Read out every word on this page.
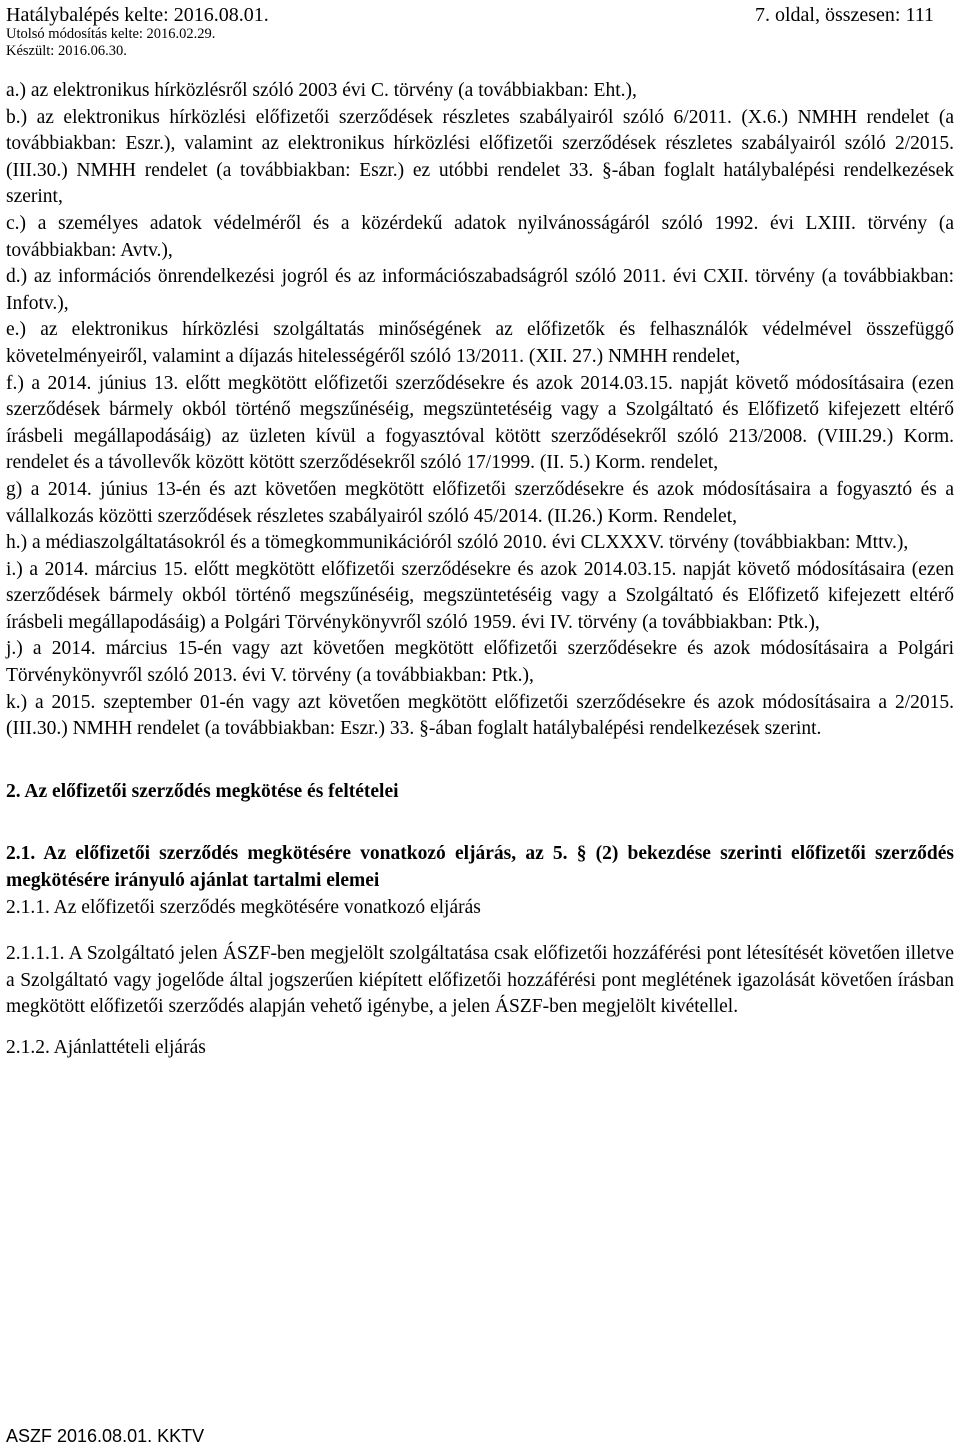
Hatálybalépés kelte: 2016.08.01.	7. oldal, összesen: 111
Utolsó módosítás kelte: 2016.02.29.
Készült: 2016.06.30.

a.) az elektronikus hírközlésről szóló 2003 évi C. törvény (a továbbiakban: Eht.),

b.) az elektronikus hírközlési előfizetői szerződések részletes szabályairól szóló 6/2011. (X.6.) NMHH rendelet (a továbbiakban: Eszr.), valamint az elektronikus hírközlési előfizetői szerződések részletes szabályairól szóló 2/2015. (III.30.) NMHH rendelet (a továbbiakban: Eszr.) ez utóbbi rendelet 33. §-ában foglalt hatálybalépési rendelkezések szerint,

c.) a személyes adatok védelméről és a közérdekű adatok nyilvánosságáról szóló 1992. évi LXIII. törvény (a továbbiakban: Avtv.),

d.) az információs önrendelkezési jogról és az információszabadságról szóló 2011. évi CXII. törvény (a továbbiakban: Infotv.),

e.) az elektronikus hírközlési szolgáltatás minőségének az előfizetők és felhasználók védelmével összefüggő követelményeiről, valamint a díjazás hitelességéről szóló 13/2011. (XII. 27.) NMHH rendelet,

f.) a 2014. június 13. előtt megkötött előfizetői szerződésekre és azok 2014.03.15. napját követő módosításaira (ezen szerződések bármely okból történő megszűnéséig, megszüntetéséig vagy a Szolgáltató és Előfizető kifejezett eltérő írásbeli megállapodásáig) az üzleten kívül a fogyasztóval kötött szerződésekről szóló 213/2008. (VIII.29.) Korm. rendelet és a távollevők között kötött szerződésekről szóló 17/1999. (II. 5.) Korm. rendelet,

g) a 2014. június 13-én és azt követően megkötött előfizetői szerződésekre és azok módosításaira a fogyasztó és a vállalkozás közötti szerződések részletes szabályairól szóló 45/2014. (II.26.) Korm. Rendelet,

h.) a médiaszolgáltatásokról és a tömegkommunikációról szóló 2010. évi CLXXXV. törvény (továbbiakban: Mttv.),

i.) a 2014. március 15. előtt megkötött előfizetői szerződésekre és azok 2014.03.15. napját követő módosításaira (ezen szerződések bármely okból történő megszűnéséig, megszüntetéséig vagy a Szolgáltató és Előfizető kifejezett eltérő írásbeli megállapodásáig) a Polgári Törvénykönyvről szóló 1959. évi IV. törvény (a továbbiakban: Ptk.),

j.) a 2014. március 15-én vagy azt követően megkötött előfizetői szerződésekre és azok módosításaira a Polgári Törvénykönyvről szóló 2013. évi V. törvény (a továbbiakban: Ptk.),

k.) a 2015. szeptember 01-én vagy azt követően megkötött előfizetői szerződésekre és azok módosításaira a 2/2015. (III.30.) NMHH rendelet (a továbbiakban: Eszr.) 33. §-ában foglalt hatálybalépési rendelkezések szerint.

2. Az előfizetői szerződés megkötése és feltételei

2.1. Az előfizetői szerződés megkötésére vonatkozó eljárás, az 5. § (2) bekezdése szerinti előfizetői szerződés megkötésére irányuló ajánlat tartalmi elemei

2.1.1. Az előfizetői szerződés megkötésére vonatkozó eljárás

2.1.1.1. A Szolgáltató jelen ÁSZF-ben megjelölt szolgáltatása csak előfizetői hozzáférési pont létesítését követően illetve a Szolgáltató vagy jogelőde által jogszerűen kiépített előfizetői hozzáférési pont meglétének igazolását követően írásban megkötött előfizetői szerződés alapján vehető igénybe, a jelen ÁSZF-ben megjelölt kivétellel.

2.1.2. Ajánlattételi eljárás

ASZF 2016.08.01. KKTV
